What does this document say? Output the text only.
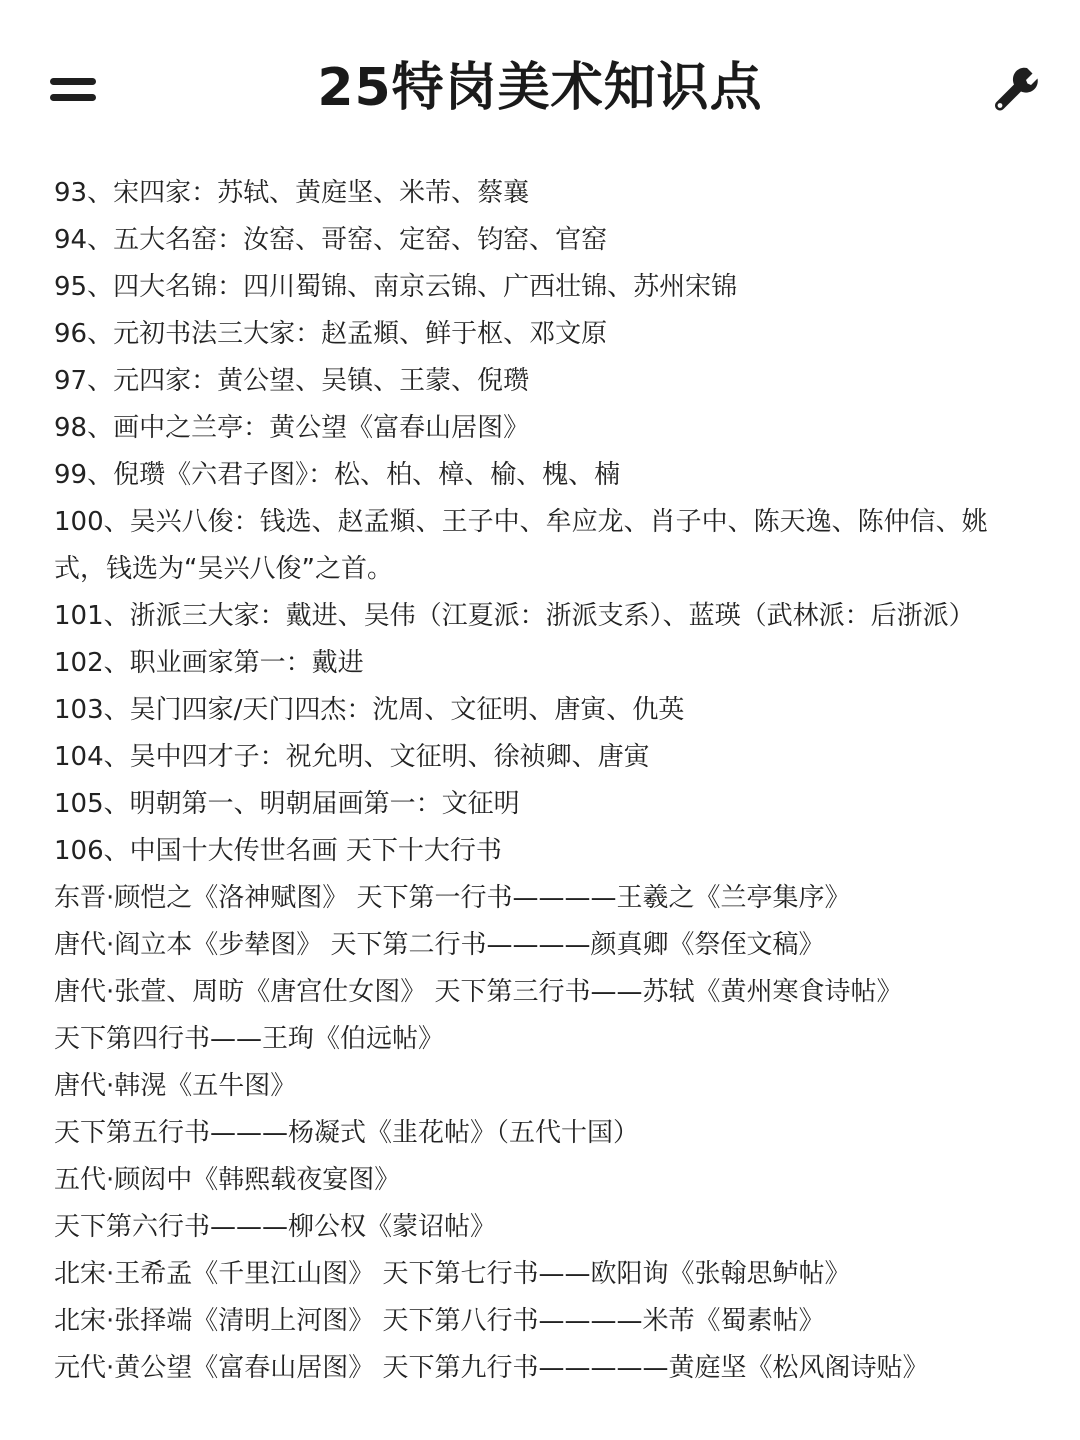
25特岗美术知识点
93、宋四家：苏轼、黄庭坚、米芾、蔡襄
94、五大名窑：汝窑、哥窑、定窑、钧窑、官窑
95、四大名锦：四川蜀锦、南京云锦、广西壮锦、苏州宋锦
96、元初书法三大家：赵孟頫、鲜于枢、邓文原
97、元四家：黄公望、吴镇、王蒙、倪瓒
98、画中之兰亭：黄公望《富春山居图》
99、倪瓒《六君子图》：松、柏、樟、榆、槐、楠
100、吴兴八俊：钱选、赵孟頫、王子中、牟应龙、肖子中、陈天逸、陈仲信、姚
式，钱选为“吴兴八俊”之首。
101、浙派三大家：戴进、吴伟（江夏派：浙派支系）、蓝瑛（武林派：后浙派）
102、职业画家第一：戴进
103、吴门四家/天门四杰：沈周、文征明、唐寅、仇英
104、吴中四才子：祝允明、文征明、徐祯卿、唐寅
105、明朝第一、明朝届画第一：文征明
106、中国十大传世名画 天下十大行书
东晋·顾恺之《洛神赋图》 天下第一行书————王羲之《兰亭集序》
唐代·阎立本《步辇图》 天下第二行书————颜真卿《祭侄文稿》
唐代·张萱、周昉《唐宫仕女图》 天下第三行书——苏轼《黄州寒食诗帖》
天下第四行书——王珣《伯远帖》
唐代·韩滉《五牛图》
天下第五行书———杨凝式《韭花帖》（五代十国）
五代·顾闳中《韩熙载夜宴图》
天下第六行书———柳公权《蒙诏帖》
北宋·王希孟《千里江山图》 天下第七行书——欧阳询《张翰思鲈帖》
北宋·张择端《清明上河图》 天下第八行书————米芾《蜀素帖》
元代·黄公望《富春山居图》 天下第九行书—————黄庭坚《松风阁诗贴》
